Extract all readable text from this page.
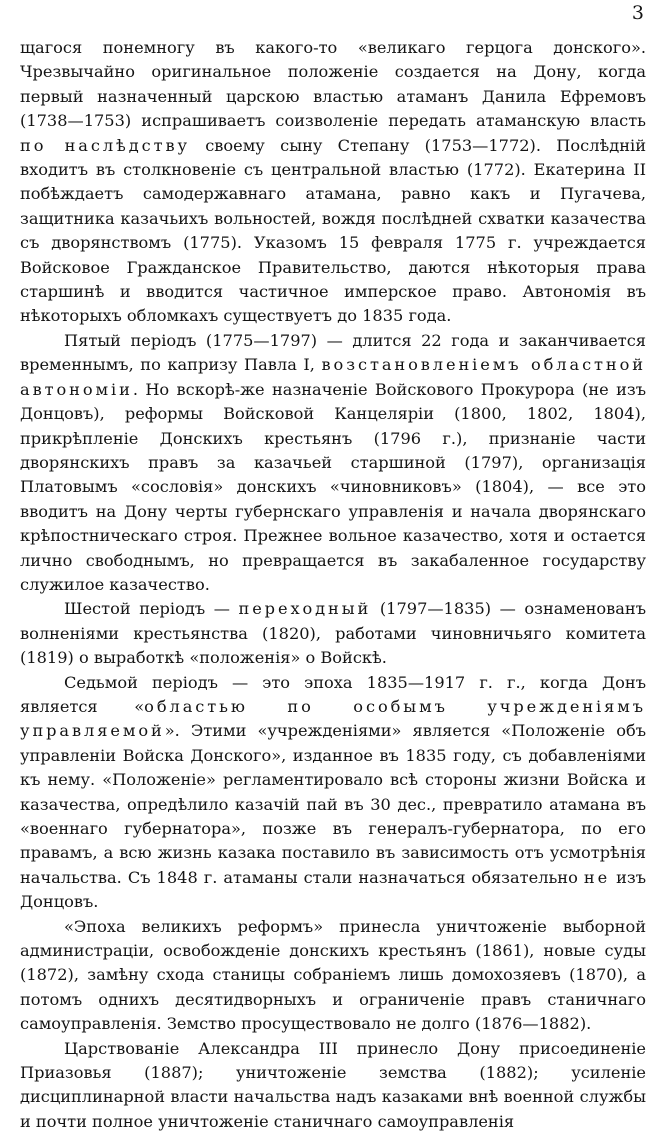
3

щагося понемногу въ какого-то «великаго герцога донского». Чрезвычайно оригинальное положеніе создается на Дону, когда первый назначенный царскою властью атаманъ Данила Ефремовъ (1738—1753) испрашиваетъ соизволеніе передать атаманскую власть по наслѣдству своему сыну Степану (1753—1772). Послѣдній входитъ въ столкновеніе съ центральной властью (1772). Екатерина II побѣждаетъ самодержавнаго атамана, равно какъ и Пугачева, защитника казачьихъ вольностей, вождя послѣдней схватки казачества съ дворянствомъ (1775). Указомъ 15 февраля 1775 г. учреждается Войсковое Гражданское Правительство, даются нѣкоторыя права старшинѣ и вводится частичное имперское право. Автономія въ нѣкоторыхъ обломкахъ существуетъ до 1835 года.

Пятый періодъ (1775—1797) — длится 22 года и заканчивается временнымъ, по капризу Павла I, возстановленіемъ областной автономіи. Но вскорѣ-же назначеніе Войскового Прокурора (не изъ Донцовъ), реформы Войсковой Канцеляріи (1800, 1802, 1804), прикрѣпленіе Донскихъ крестьянъ (1796 г.), признаніе части дворянскихъ правъ за казачьей старшиной (1797), организація Платовымъ «сословія» донскихъ «чиновниковъ» (1804), — все это вводитъ на Дону черты губернскаго управленія и начала дворянскаго крѣпостническаго строя. Прежнее вольное казачество, хотя и остается лично свободнымъ, но превращается въ закабаленное государству служилое казачество.

Шестой періодъ — переходный (1797—1835) — ознаменованъ волненіями крестьянства (1820), работами чиновничьяго комитета (1819) о выработкѣ «положенія» о Войскѣ.

Седьмой періодъ — это эпоха 1835—1917 г. г., когда Донъ является «областью по особымъ учрежденіямъ управляемой». Этими «учрежденіями» является «Положеніе объ управленіи Войска Донского», изданное въ 1835 году, съ добавленіями къ нему. «Положеніе» регламентировало всѣ стороны жизни Войска и казачества, опредѣлило казачій пай въ 30 дес., превратило атамана въ «военнаго губернатора», позже въ генералъ-губернатора, по его правамъ, а всю жизнь казака поставило въ зависимость отъ усмотрѣнія начальства. Съ 1848 г. атаманы стали назначаться обязательно не изъ Донцовъ.

«Эпоха великихъ реформъ» принесла уничтоженіе выборной администраціи, освобожденіе донскихъ крестьянъ (1861), новые суды (1872), замѣну схода станицы собраніемъ лишь домохозяевъ (1870), а потомъ однихъ десятидворныхъ и ограниченіе правъ станичнаго самоуправленія. Земство просуществовало не долго (1876—1882).

Царствованіе Александра III принесло Дону присоединеніе Приазовья (1887); уничтоженіе земства (1882); усиленіе дисциплинарной власти начальства надъ казаками внѣ военной службы и почти полное уничтоженіе станичнаго самоуправленія
